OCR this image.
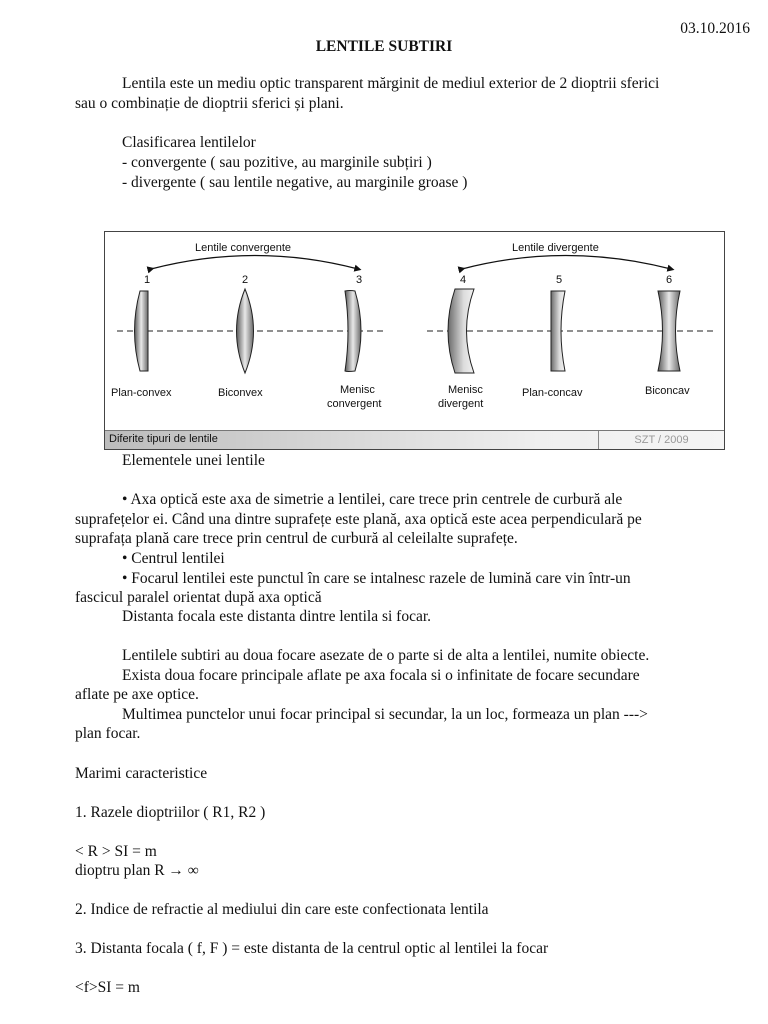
03.10.2016
LENTILE SUBTIRI
Lentila este un mediu optic transparent mărginit de mediul exterior de 2 dioptrii sferici
sau o combinație de dioptrii sferici și plani.
Clasificarea lentilelor
- convergente ( sau pozitive, au marginile subțiri )
- divergente ( sau lentile negative, au marginile groase )
Lentile convergente	Lentile divergente
1	2	3	4	5	6
Plan-convex	Biconvex	Menisc
convergent
Menisc
divergent
Plan-concav	Biconcav
Diferite tipuri de lentile	SZT / 2009
Elementele unei lentile
• Axa optică este axa de simetrie a lentilei, care trece prin centrele de curbură ale
suprafețelor ei. Când una dintre suprafețe este plană, axa optică este acea perpendiculară pe
suprafața plană care trece prin centrul de curbură al celeilalte suprafețe.
• Centrul lentilei
• Focarul lentilei este punctul în care se intalnesc razele de lumină care vin într-un
fascicul paralel orientat după axa optică
Distanta focala este distanta dintre lentila si focar.
Lentilele subtiri au doua focare asezate de o parte si de alta a lentilei, numite obiecte.
Exista doua focare principale aflate pe axa focala si o infinitate de focare secundare
aflate pe axe optice.
Multimea punctelor unui focar principal si secundar, la un loc, formeaza un plan --->
plan focar.
Marimi caracteristice
1. Razele dioptriilor ( R1, R2 )
< R > SI = m
dioptru plan R → ∞
2. Indice de refractie al mediului din care este confectionata lentila
3. Distanta focala ( f, F ) = este distanta de la centrul optic al lentilei la focar
<f>SI = m
